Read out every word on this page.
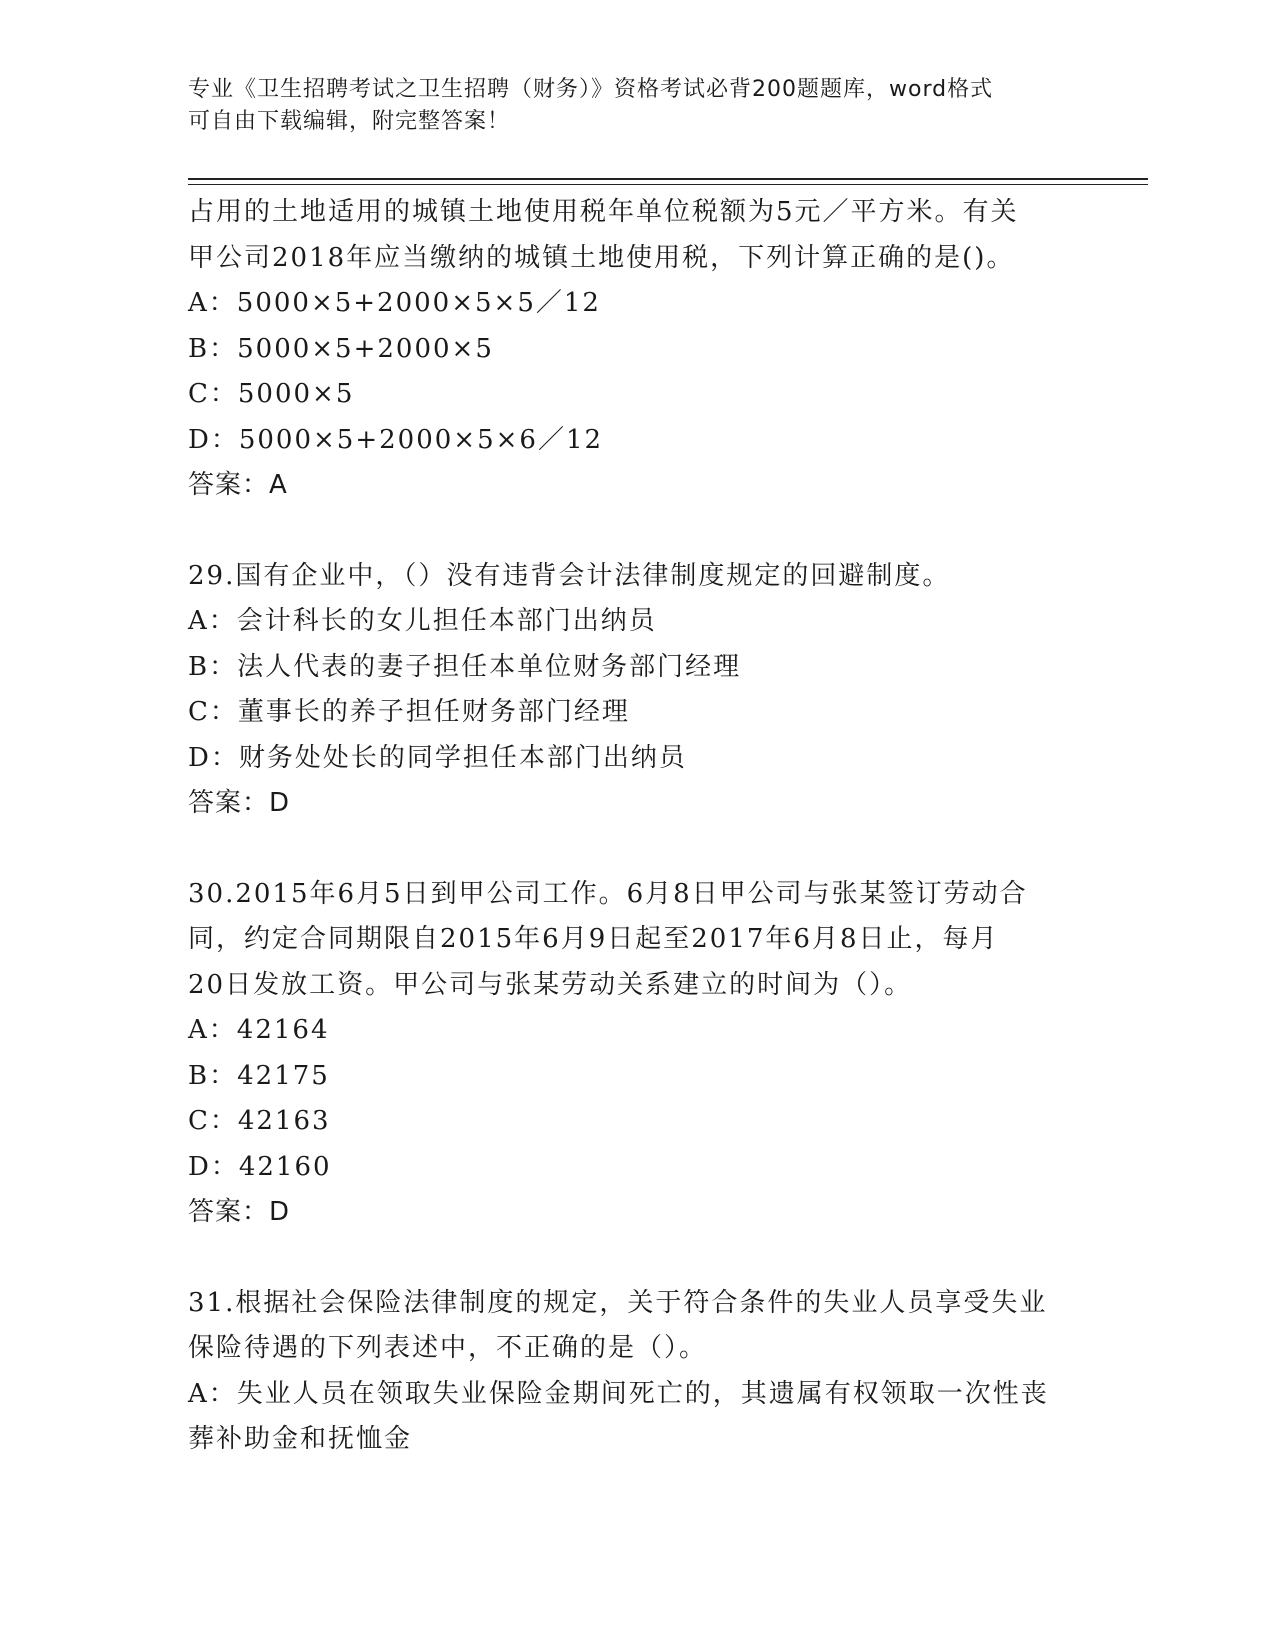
专业《卫生招聘考试之卫生招聘（财务）》资格考试必背200题题库，word格式
可自由下载编辑，附完整答案！
占用的土地适用的城镇土地使用税年单位税额为5元／平方米。有关
甲公司2018年应当缴纳的城镇土地使用税，下列计算正确的是()。
A：5000×5+2000×5×5／12
B：5000×5+2000×5
C：5000×5
D：5000×5+2000×5×6／12
答案：A
29.国有企业中，（）没有违背会计法律制度规定的回避制度。
A：会计科长的女儿担任本部门出纳员
B：法人代表的妻子担任本单位财务部门经理
C：董事长的养子担任财务部门经理
D：财务处处长的同学担任本部门出纳员
答案：D
30.2015年6月5日到甲公司工作。6月8日甲公司与张某签订劳动合
同，约定合同期限自2015年6月9日起至2017年6月8日止，每月
20日发放工资。甲公司与张某劳动关系建立的时间为（）。
A：42164
B：42175
C：42163
D：42160
答案：D
31.根据社会保险法律制度的规定，关于符合条件的失业人员享受失业
保险待遇的下列表述中，不正确的是（）。
A：失业人员在领取失业保险金期间死亡的，其遗属有权领取一次性丧
葬补助金和抚恤金
